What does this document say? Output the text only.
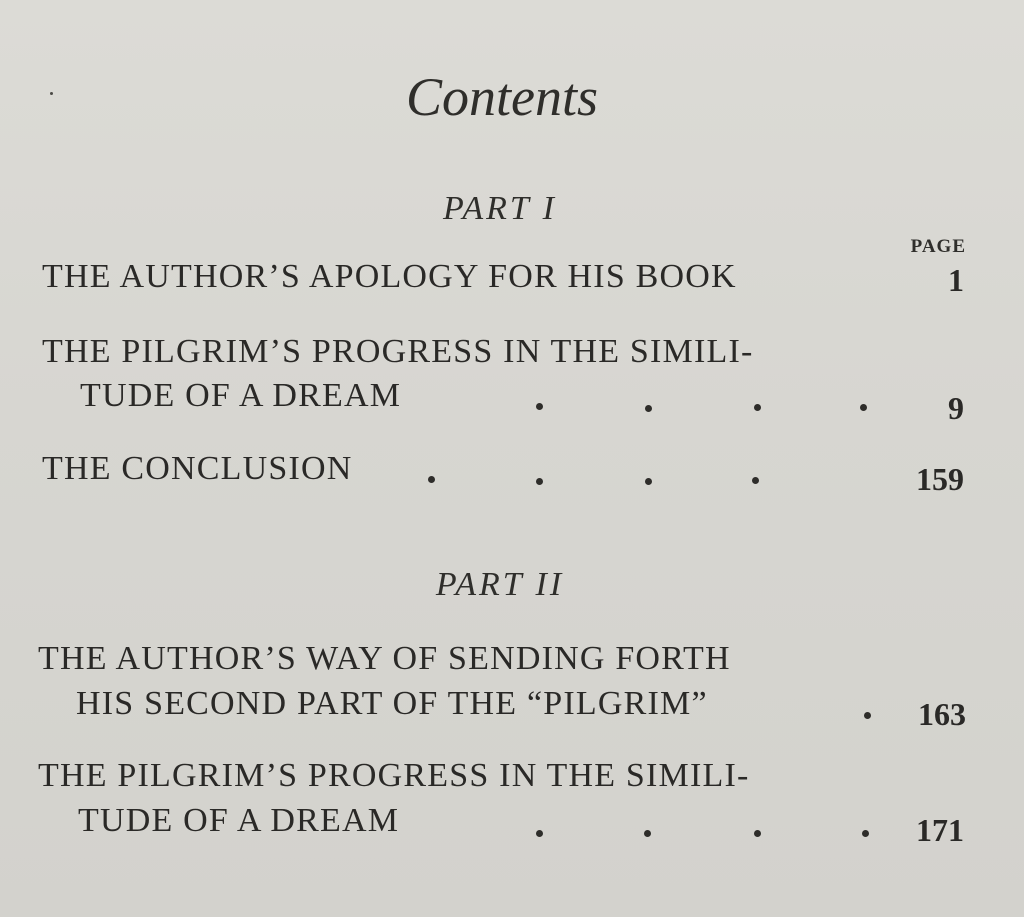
Contents
PART I
PAGE
THE AUTHOR’S APOLOGY FOR HIS BOOK	1
THE PILGRIM’S PROGRESS IN THE SIMILI-
TUDE OF A DREAM	9
THE CONCLUSION	159
PART II
THE AUTHOR’S WAY OF SENDING FORTH
HIS SECOND PART OF THE “PILGRIM”	163
THE PILGRIM’S PROGRESS IN THE SIMILI-
TUDE OF A DREAM	171
